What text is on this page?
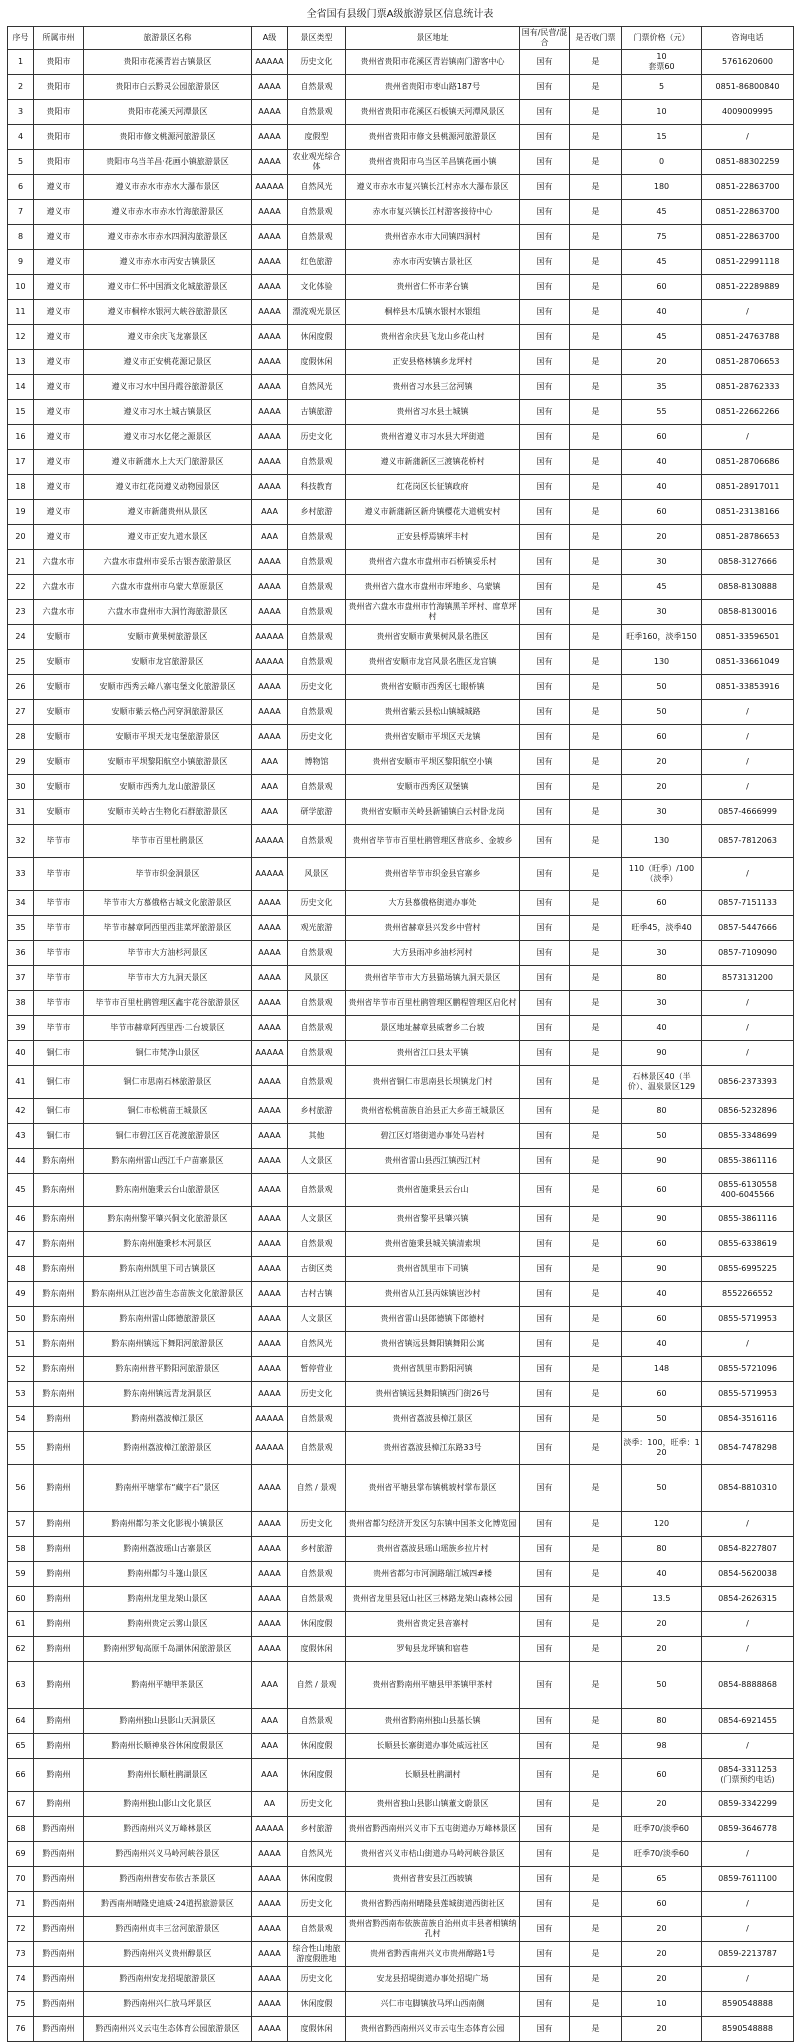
全省国有县级门票A级旅游景区信息统计表
序号	所属市州	旅游景区名称	A级	景区类型	景区地址	国有/民营/混合	是否收门票	门票价格（元）	咨询电话
1	贵阳市	贵阳市花溪青岩古镇景区	AAAAA	历史文化	贵州省贵阳市花溪区青岩镇南门游客中心	国有	是	10
套票60	5761620600
2	贵阳市	贵阳市白云黔灵公园旅游景区	AAAA	自然景观	贵州省贵阳市枣山路187号	国有	是	5	0851-86800840
3	贵阳市	贵阳市花溪天河潭景区	AAAA	自然景观	贵州省贵阳市花溪区石板镇天河潭风景区	国有	是	10	4009009995
4	贵阳市	贵阳市修文桃源河旅游景区	AAAA	度假型	贵州省贵阳市修文县桃源河旅游景区	国有	是	15	/
5	贵阳市	贵阳市乌当羊昌·花画小镇旅游景区	AAAA	农业观光综合体	贵州省贵阳市乌当区羊昌镇花画小镇	国有	是	0	0851-88302259
6	遵义市	遵义市赤水市赤水大瀑布景区	AAAAA	自然风光	遵义市赤水市复兴镇长江村赤水大瀑布景区	国有	是	180	0851-22863700
7	遵义市	遵义市赤水市赤水竹海旅游景区	AAAA	自然景观	赤水市复兴镇长江村游客接待中心	国有	是	45	0851-22863700
8	遵义市	遵义市赤水市赤水四洞沟旅游景区	AAAA	自然景观	贵州省赤水市大同镇四洞村	国有	是	75	0851-22863700
9	遵义市	遵义市赤水市丙安古镇景区	AAAA	红色旅游	赤水市丙安镇古景社区	国有	是	45	0851-22991118
10	遵义市	遵义市仁怀中国酒文化城旅游景区	AAAA	文化体验	贵州省仁怀市茅台镇	国有	是	60	0851-22289889
11	遵义市	遵义市桐梓水银河大峡谷旅游景区	AAAA	漂流观光景区	桐梓县木瓜镇水银村水银组	国有	是	40	/
12	遵义市	遵义市余庆飞龙寨景区	AAAA	休闲度假	贵州省余庆县飞龙山乡花山村	国有	是	45	0851-24763788
13	遵义市	遵义市正安桃花源记景区	AAAA	度假休闲	正安县格林镇乡龙坪村	国有	是	20	0851-28706653
14	遵义市	遵义市习水中国丹霞谷旅游景区	AAAA	自然风光	贵州省习水县三岔河镇	国有	是	35	0851-28762333
15	遵义市	遵义市习水土城古镇景区	AAAA	古镇旅游	贵州省习水县土城镇	国有	是	55	0851-22662266
16	遵义市	遵义市习水亿佬之源景区	AAAA	历史文化	贵州省遵义市习水县大坪街道	国有	是	60	/
17	遵义市	遵义市新蒲水上大天门旅游景区	AAAA	自然景观	遵义市新蒲新区三渡镇花桥村	国有	是	40	0851-28706686
18	遵义市	遵义市红花岗遵义动物园景区	AAAA	科技教育	红花岗区长征镇政府	国有	是	40	0851-28917011
19	遵义市	遵义市新蒲贵州从景区	AAA	乡村旅游	遵义市新蒲新区新舟镇樱花大道桃安村	国有	是	60	0851-23138166
20	遵义市	遵义市正安九道水景区	AAA	自然景观	正安县桴焉镇坪丰村	国有	是	20	0851-28786653
21	六盘水市	六盘水市盘州市妥乐古银杏旅游景区	AAAA	自然景观	贵州省六盘水市盘州市石桥镇妥乐村	国有	是	30	0858-3127666
22	六盘水市	六盘水市盘州市乌蒙大草原景区	AAAA	自然景观	贵州省六盘水市盘州市坪地乡、乌蒙镇	国有	是	45	0858-8130888
23	六盘水市	六盘水市盘州市大洞竹海旅游景区	AAAA	自然景观	贵州省六盘水市盘州市竹海镇黑羊坪村、席草坪村	国有	是	30	0858-8130016
24	安顺市	安顺市黄果树旅游景区	AAAAA	自然景观	贵州省安顺市黄果树风景名胜区	国有	是	旺季160，淡季150	0851-33596501
25	安顺市	安顺市龙宫旅游景区	AAAAA	自然景观	贵州省安顺市龙宫风景名胜区龙宫镇	国有	是	130	0851-33661049
26	安顺市	安顺市西秀云峰八寨屯堡文化旅游景区	AAAA	历史文化	贵州省安顺市西秀区七眼桥镇	国有	是	50	0851-33853916
27	安顺市	安顺市紫云格凸河穿洞旅游景区	AAAA	自然景观	贵州省紫云县松山镇城城路	国有	是	50	/
28	安顺市	安顺市平坝天龙屯堡旅游景区	AAAA	历史文化	贵州省安顺市平坝区天龙镇	国有	是	60	/
29	安顺市	安顺市平坝黎阳航空小镇旅游景区	AAA	博物馆	贵州省安顺市平坝区黎阳航空小镇	国有	是	20	/
30	安顺市	安顺市西秀九龙山旅游景区	AAA	自然景观	安顺市西秀区双堡镇	国有	是	20	/
31	安顺市	安顺市关岭古生物化石群旅游景区	AAA	研学旅游	贵州省安顺市关岭县新铺镇白云村卧龙岗	国有	是	30	0857-4666999
32	毕节市	毕节市百里杜鹃景区	AAAAA	自然景观	贵州省毕节市百里杜鹃管理区普底乡、金坡乡	国有	是	130	0857-7812063
33	毕节市	毕节市织金洞景区	AAAAA	风景区	贵州省毕节市织金县官寨乡	国有	是	110（旺季）/100（淡季）	/
34	毕节市	毕节市大方慕俄格古城文化旅游景区	AAAA	历史文化	大方县慕俄格街道办事处	国有	是	60	0857-7151133
35	毕节市	毕节市赫章阿西里西韭菜坪旅游景区	AAAA	观光旅游	贵州省赫章县兴发乡中营村	国有	是	旺季45，淡季40	0857-5447666
36	毕节市	毕节市大方油杉河景区	AAAA	自然景观	大方县雨冲乡油杉河村	国有	是	30	0857-7109090
37	毕节市	毕节市大方九洞天景区	AAAA	风景区	贵州省毕节市大方县猫场镇九洞天景区	国有	是	80	8573131200
38	毕节市	毕节市百里杜鹃管理区鑫宇花谷旅游景区	AAAA	自然景观	贵州省毕节市百里杜鹃管理区鹏程管理区启化村	国有	是	30	/
39	毕节市	毕节市赫章阿西里西·二台坡景区	AAAA	自然景观	景区地址赫章县威奢乡二台坡	国有	是	40	/
40	铜仁市	铜仁市梵净山景区	AAAAA	自然景观	贵州省江口县太平镇	国有	是	90	/
41	铜仁市	铜仁市思南石林旅游景区	AAAA	自然景观	贵州省铜仁市思南县长坝镇龙门村	国有	是	石林景区40（半价）、温泉景区129	0856-2373393
42	铜仁市	铜仁市松桃苗王城景区	AAAA	乡村旅游	贵州省松桃苗族自治县正大乡苗王城景区	国有	是	80	0856-5232896
43	铜仁市	铜仁市碧江区百花渡旅游景区	AAAA	其他	碧江区灯塔街道办事处马岩村	国有	是	50	0855-3348699
44	黔东南州	黔东南州雷山西江千户苗寨景区	AAAA	人文景区	贵州省雷山县西江镇西江村	国有	是	90	0855-3861116
45	黔东南州	黔东南州施秉云台山旅游景区	AAAA	自然景观	贵州省施秉县云台山	国有	是	60	0855-6130558
400-6045566
46	黔东南州	黔东南州黎平肇兴侗文化旅游景区	AAAA	人文景区	贵州省黎平县肇兴镇	国有	是	90	0855-3861116
47	黔东南州	黔东南州施秉杉木河景区	AAAA	自然景观	贵州省施秉县城关镇清索坝	国有	是	60	0855-6338619
48	黔东南州	黔东南州凯里下司古镇景区	AAAA	古街区类	贵州省凯里市下司镇	国有	是	90	0855-6995225
49	黔东南州	黔东南州从江岜沙苗生态苗族文化旅游景区	AAAA	古村古镇	贵州省从江县丙妹镇岜沙村	国有	是	40	8552266552
50	黔东南州	黔东南州雷山郎德旅游景区	AAAA	人文景区	贵州省雷山县郎德镇下郎德村	国有	是	60	0855-5719953
51	黔东南州	黔东南州镇远下舞阳河旅游景区	AAAA	自然风光	贵州省镇远县舞阳镇舞阳公寓	国有	是	40	/
52	黔东南州	黔东南州普平黔阳河旅游景区	AAAA	暂停营业	贵州省凯里市黔阳河镇	国有	是	148	0855-5721096
53	黔东南州	黔东南州镇远青龙洞景区	AAAA	历史文化	贵州省镇远县舞阳镇西门街26号	国有	是	60	0855-5719953
54	黔南州	黔南州荔波樟江景区	AAAAA	自然景观	贵州省荔波县樟江景区	国有	是	50	0854-3516116
55	黔南州	黔南州荔波樟江旅游景区	AAAAA	自然景观	贵州省荔波县樟江东路33号	国有	是	淡季：100，旺季：120	0854-7478298
56	黔南州	黔南州平塘掌布“藏字石”景区	AAAA	自然 / 景观	贵州省平塘县掌布镇桃坡村掌布景区	国有	是	50	0854-8810310
57	黔南州	黔南州都匀茶文化影视小镇景区	AAAA	历史文化	贵州省都匀经济开发区匀东镇中国茶文化博览园	国有	是	120	/
58	黔南州	黔南州荔波瑶山古寨景区	AAAA	乡村旅游	贵州省荔波县瑶山瑶族乡拉片村	国有	是	80	0854-8227807
59	黔南州	黔南州都匀斗篷山景区	AAAA	自然景观	贵州省都匀市河洞路瑞江城四#楼	国有	是	40	0854-5620038
60	黔南州	黔南州龙里龙架山景区	AAAA	自然景观	贵州省龙里县冠山社区三林路龙架山森林公园	国有	是	13.5	0854-2626315
61	黔南州	黔南州贵定云雾山景区	AAAA	休闲度假	贵州省贵定县音寨村	国有	是	20	/
62	黔南州	黔南州罗甸高原千岛湖休闲旅游景区	AAAA	度假休闲	罗甸县龙坪镇和宿巷	国有	是	20	/
63	黔南州	黔南州平塘甲茶景区	AAA	自然 / 景观	贵州省黔南州平塘县甲茶镇甲茶村	国有	是	50	0854-8888868
64	黔南州	黔南州独山县影山天洞景区	AAA	自然景观	贵州省黔南州独山县基长镇	国有	是	80	0854-6921455
65	黔南州	黔南州长顺神泉谷休闲度假景区	AAA	休闲度假	长顺县长寨街道办事处威远社区	国有	是	98	/
66	黔南州	黔南州长顺杜鹃湖景区	AAA	休闲度假	长顺县杜鹃湖村	国有	是	60	0854-3311253
(门票预约电话)
67	黔南州	黔南州独山影山文化景区	AA	历史文化	贵州省独山县影山镇董文蔚景区	国有	是	20	0859-3342299
68	黔西南州	黔西南州兴义万峰林景区	AAAAA	乡村旅游	贵州省黔西南州兴义市下五屯街道办万峰林景区	国有	是	旺季70/淡季60	0859-3646778
69	黔西南州	黔西南州兴义马岭河峡谷景区	AAAA	自然风光	贵州省兴义市桔山街道办马岭河峡谷景区	国有	是	旺季70/淡季60	/
70	黔西南州	黔西南州普安布依古茶景区	AAAA	休闲度假	贵州省普安县江西坡镇	国有	是	65	0859-7611100
71	黔西南州	黔西南州晴隆史迪威·24道拐旅游景区	AAAA	历史文化	贵州省黔西南州晴隆县莲城街道西街社区	国有	是	60	/
72	黔西南州	黔西南州贞丰三岔河旅游景区	AAAA	自然景观	贵州省黔西南布依族苗族自治州贞丰县者相镇纳孔村	国有	是	20	/
73	黔西南州	黔西南州兴义贵州醇景区	AAAA	综合性山地旅游度假胜地	贵州省黔西南州兴义市贵州醇路1号	国有	是	20	0859-2213787
74	黔西南州	黔西南州安龙招堤旅游景区	AAAA	历史文化	安龙县招堤街道办事处招堤广场	国有	是	20	/
75	黔西南州	黔西南州兴仁放马坪景区	AAAA	休闲度假	兴仁市屯脚镇放马坪山西南侧	国有	是	10	8590548888
76	黔西南州	黔西南州兴义云屯生态体育公园旅游景区	AAAA	度假休闲	贵州省黔西南州兴义市云屯生态体育公园	国有	是	20	8590548888
